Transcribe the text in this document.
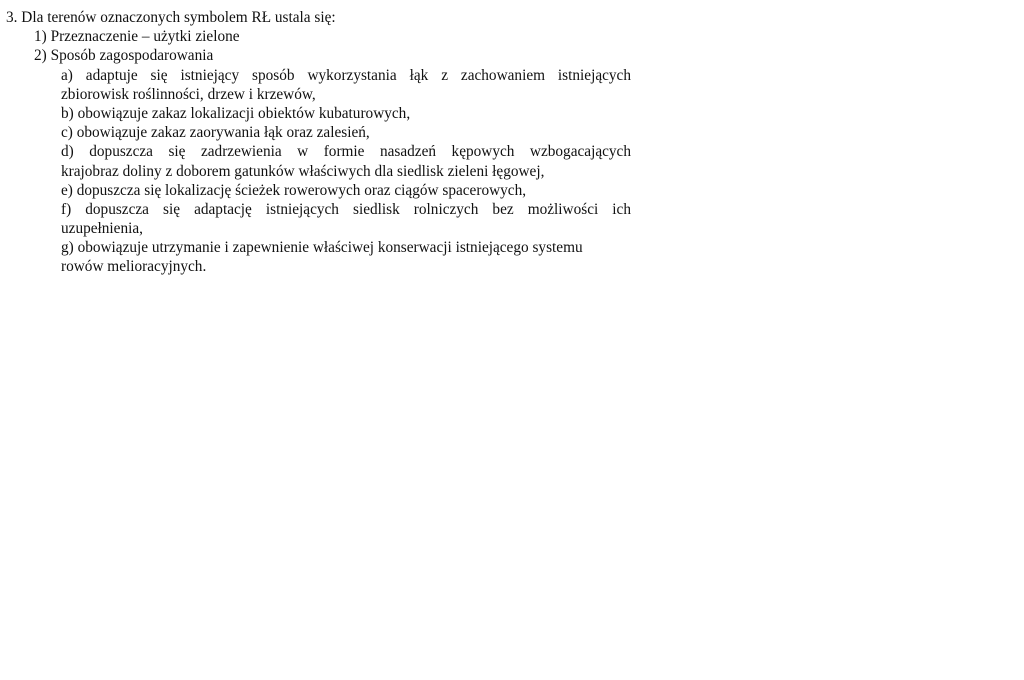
3. Dla terenów oznaczonych symbolem RŁ ustala się:
1) Przeznaczenie – użytki zielone
2) Sposób zagospodarowania
a) adaptuje się istniejący sposób wykorzystania łąk z zachowaniem istniejących
zbiorowisk roślinności, drzew i krzewów,
b) obowiązuje zakaz lokalizacji obiektów kubaturowych,
c) obowiązuje zakaz zaorywania łąk oraz zalesień,
d) dopuszcza się zadrzewienia w formie nasadzeń kępowych wzbogacających
krajobraz doliny z doborem gatunków właściwych dla siedlisk zieleni łęgowej,
e) dopuszcza się lokalizację ścieżek rowerowych oraz ciągów spacerowych,
f) dopuszcza się adaptację istniejących siedlisk rolniczych bez możliwości ich
uzupełnienia,
g) obowiązuje utrzymanie i zapewnienie właściwej konserwacji istniejącego systemu
rowów melioracyjnych.
